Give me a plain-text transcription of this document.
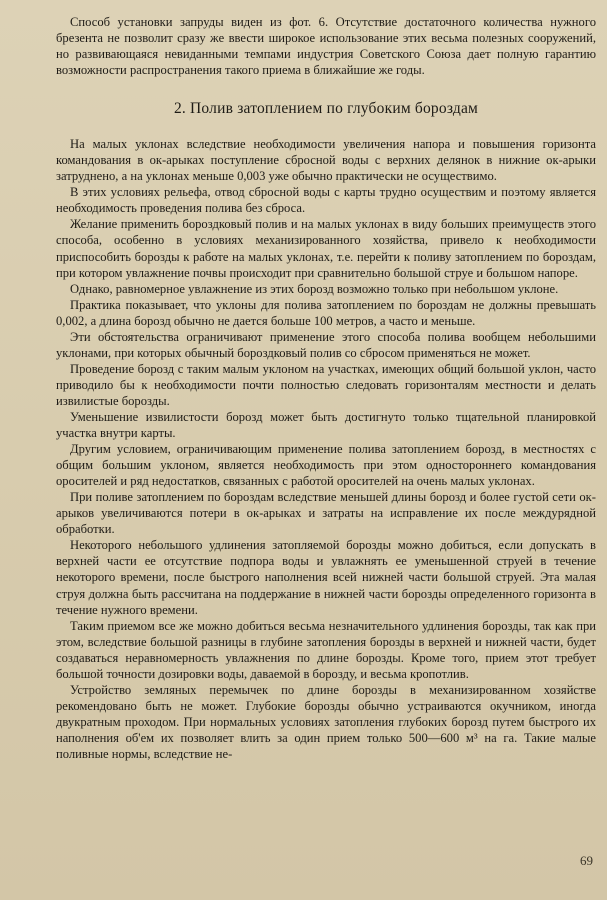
Способ установки запруды виден из фот. 6. Отсутствие достаточного количества нужного брезента не позволит сразу же ввести широкое использование этих весьма полезных сооружений, но развивающаяся невиданными темпами индустрия Советского Союза дает полную гарантию возможности распространения такого приема в ближайшие же годы.

2. Полив затоплением по глубоким бороздам

На малых уклонах вследствие необходимости увеличения напора и повышения горизонта командования в ок-арыках поступление сбросной воды с верхних делянок в нижние ок-арыки затруднено, а на уклонах меньше 0,003 уже обычно практически не осуществимо.

В этих условиях рельефа, отвод сбросной воды с карты трудно осуществим и поэтому является необходимость проведения полива без сброса.

Желание применить бороздковый полив и на малых уклонах в виду больших преимуществ этого способа, особенно в условиях механизированного хозяйства, привело к необходимости приспособить борозды к работе на малых уклонах, т.е. перейти к поливу затоплением по бороздам, при котором увлажнение почвы происходит при сравнительно большой струе и большом напоре.

Однако, равномерное увлажнение из этих борозд возможно только при небольшом уклоне.

Практика показывает, что уклоны для полива затоплением по бороздам не должны превышать 0,002, а длина борозд обычно не дается больше 100 метров, а часто и меньше.

Эти обстоятельства ограничивают применение этого способа полива вообщем небольшими уклонами, при которых обычный бороздковый полив со сбросом применяться не может.

Проведение борозд с таким малым уклоном на участках, имеющих общий большой уклон, часто приводило бы к необходимости почти полностью следовать горизонталям местности и делать извилистые борозды.

Уменьшение извилистости борозд может быть достигнуто только тщательной планировкой участка внутри карты.

Другим условием, ограничивающим применение полива затоплением борозд, в местностях с общим большим уклоном, является необходимость при этом одностороннего командования оросителей и ряд недостатков, связанных с работой оросителей на очень малых уклонах.

При поливе затоплением по бороздам вследствие меньшей длины борозд и более густой сети ок-арыков увеличиваются потери в ок-арыках и затраты на исправление их после междурядной обработки.

Некоторого небольшого удлинения затопляемой борозды можно добиться, если допускать в верхней части ее отсутствие подпора воды и увлажнять ее уменьшенной струей в течение некоторого времени, после быстрого наполнения всей нижней части большой струей. Эта малая струя должна быть рассчитана на поддержание в нижней части борозды определенного горизонта в течение нужного времени.

Таким приемом все же можно добиться весьма незначительного удлинения борозды, так как при этом, вследствие большой разницы в глубине затопления борозды в верхней и нижней части, будет создаваться неравномерность увлажнения по длине борозды. Кроме того, прием этот требует большой точности дозировки воды, даваемой в борозду, и весьма кропотлив.

Устройство земляных перемычек по длине борозды в механизированном хозяйстве рекомендовано быть не может. Глубокие борозды обычно устраиваются окучником, иногда двукратным проходом. При нормальных условиях затопления глубоких борозд путем быстрого их наполнения об'ем их позволяет влить за один прием только 500—600 м³ на га. Такие малые поливные нормы, вследствие не-

69
